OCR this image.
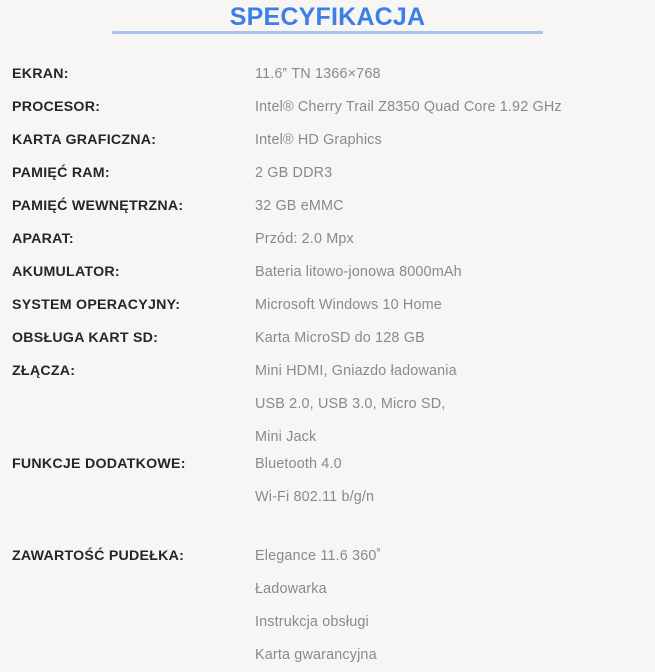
SPECYFIKACJA
EKRAN:	11.6‟ TN 1366×768
PROCESOR:	Intel® Cherry Trail Z8350 Quad Core 1.92 GHz
KARTA GRAFICZNA:	Intel® HD Graphics
PAMIĘĆ RAM:	2 GB DDR3
PAMIĘĆ WEWNĘTRZNA:	32 GB eMMC
APARAT:	Przód: 2.0 Mpx
AKUMULATOR:	Bateria litowo-jonowa 8000mAh
SYSTEM OPERACYJNY:	Microsoft Windows 10 Home
OBSŁUGA KART SD:	Karta MicroSD do 128 GB
ZŁĄCZA:	Mini HDMI, Gniazdo ładowania
USB 2.0, USB 3.0, Micro SD,
Mini Jack
FUNKCJE DODATKOWE:	Bluetooth 4.0
Wi-Fi 802.11 b/g/n
ZAWARTOŚĆ PUDEŁKA:	Elegance 11.6 360˚
Ładowarka
Instrukcja obsługi
Karta gwarancyjna
